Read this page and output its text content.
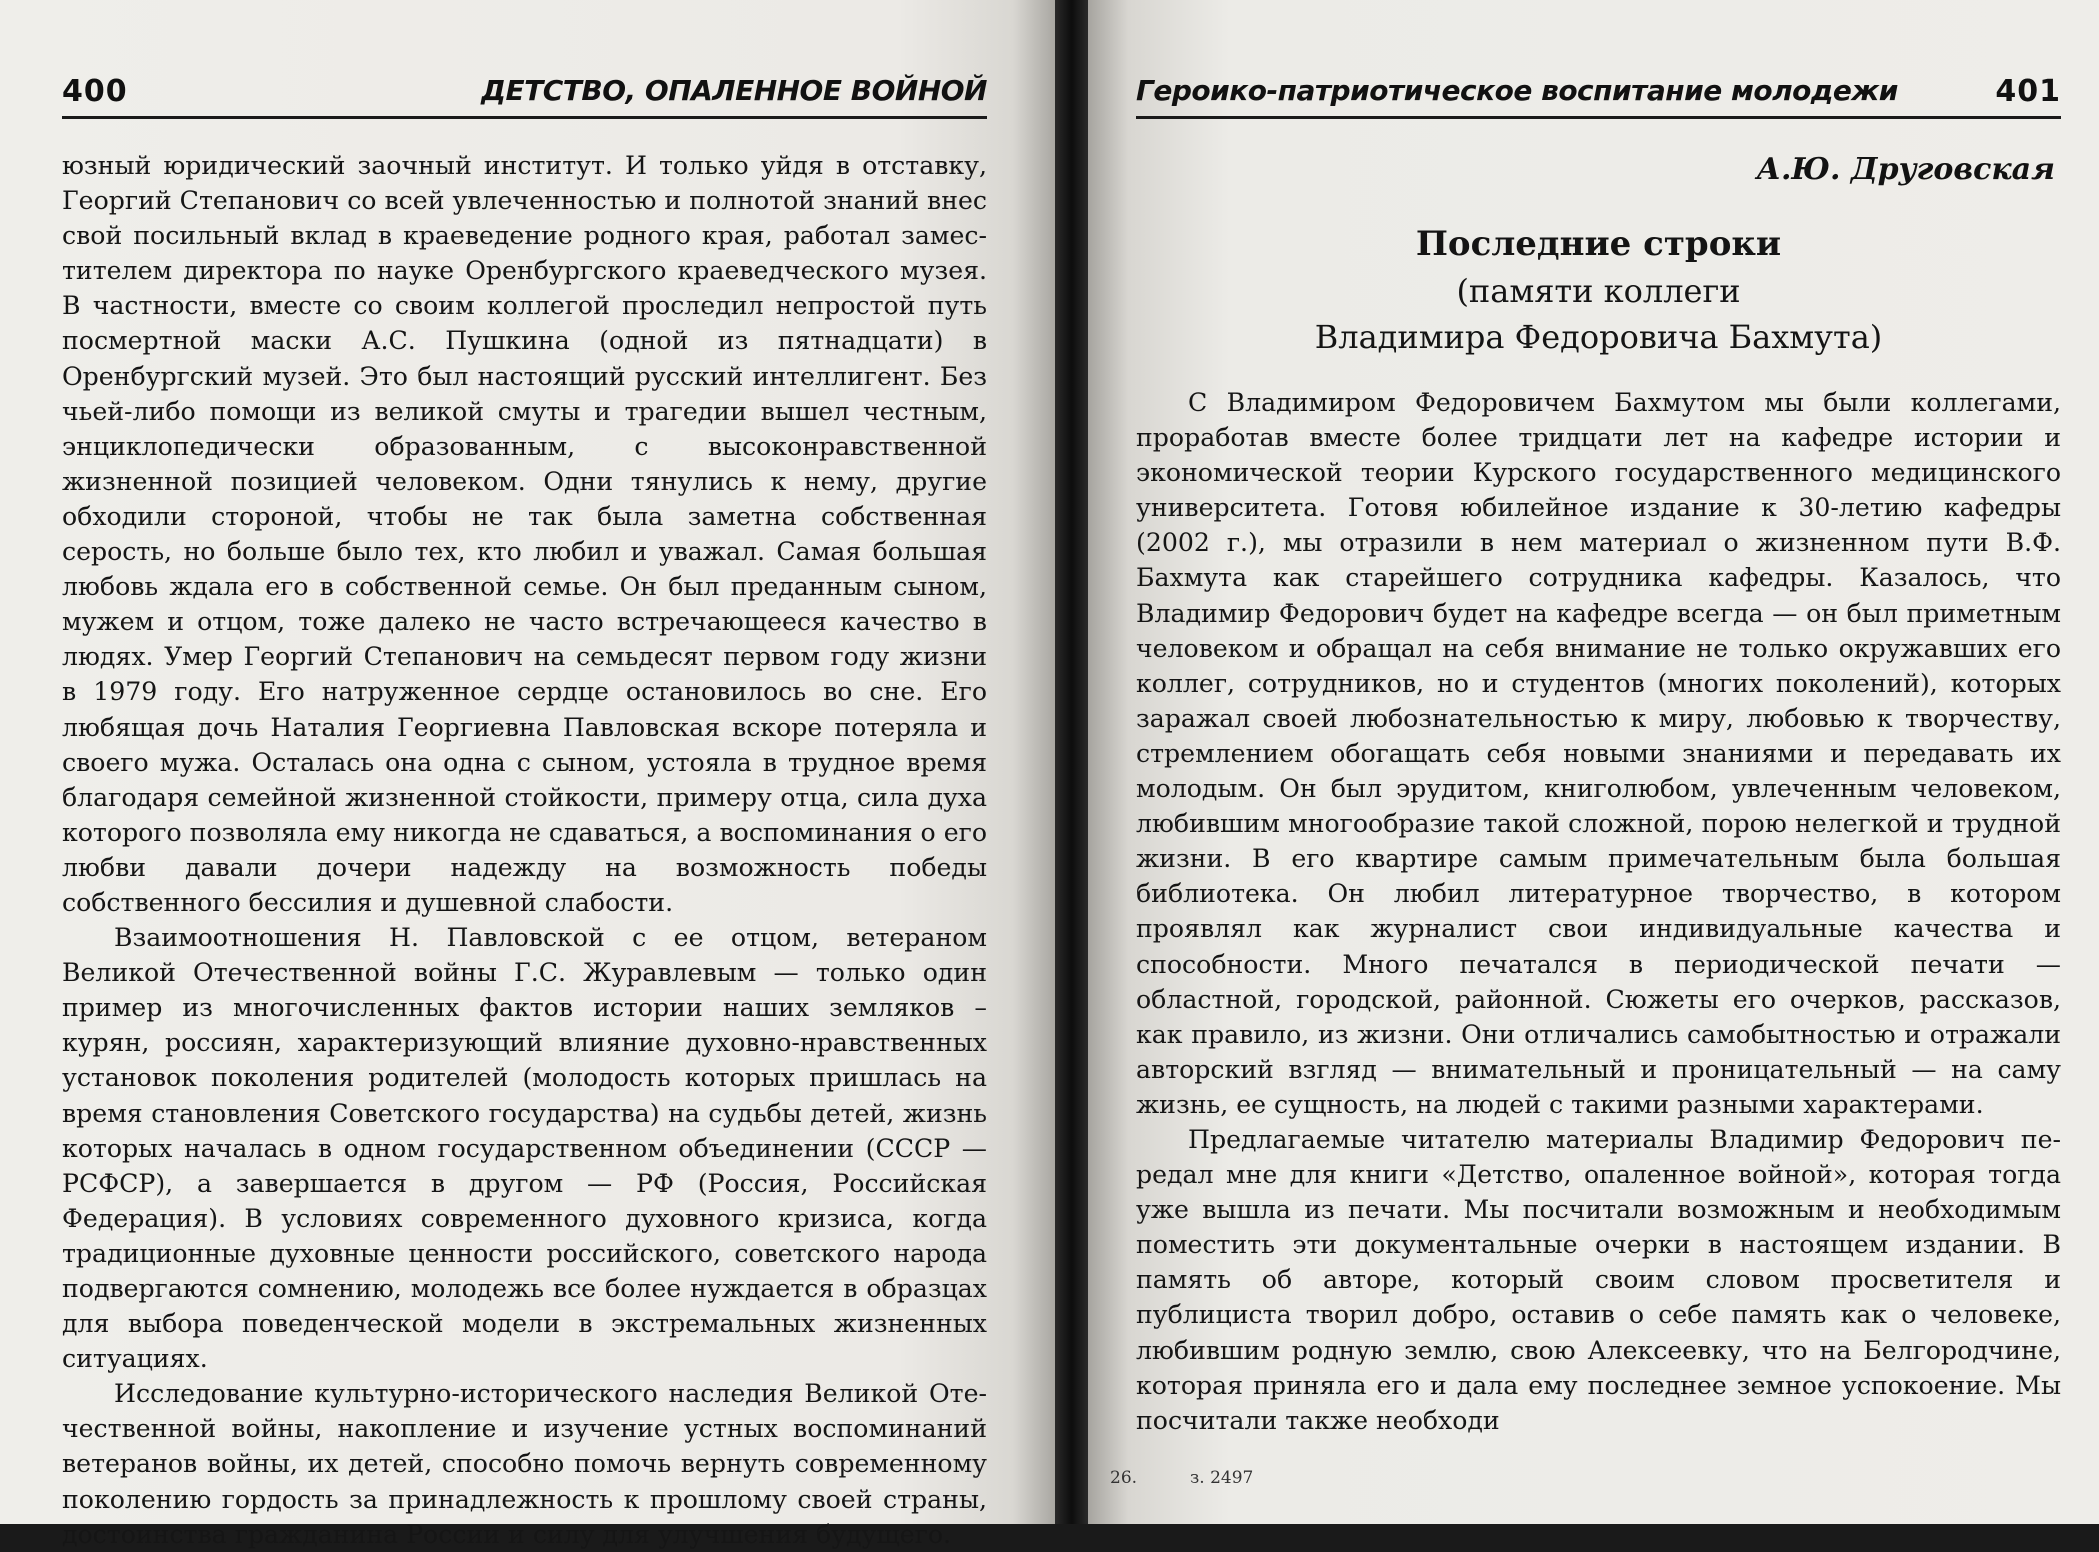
400	ДЕТСТВО, ОПАЛЕННОЕ ВОЙНОЙ

юзный юридический заочный институт. И только уйдя в отставку, Георгий Степанович со всей увлеченностью и полнотой знаний внес свой посильный вклад в краеведение родного края, работал заместителем директора по науке Оренбургского краеведческого музея. В частности, вместе со своим коллегой проследил непростой путь посмертной маски А.С. Пушкина (одной из пятнадцати) в Оренбургский музей. Это был настоящий русский интеллигент. Без чьей-либо помощи из великой смуты и трагедии вышел честным, энциклопедически образованным, с высоконравственной жизненной позицией человеком. Одни тянулись к нему, другие обходили стороной, чтобы не так была заметна собственная серость, но больше было тех, кто любил и уважал. Самая большая любовь ждала его в собственной семье. Он был преданным сыном, мужем и отцом, тоже далеко не часто встречающееся качество в людях. Умер Георгий Степанович на семьдесят первом году жизни в 1979 году. Его натруженное сердце остановилось во сне. Его любящая дочь Наталия Георгиевна Павловская вскоре потеряла и своего мужа. Осталась она одна с сыном, устояла в трудное время благодаря семейной жизненной стойкости, примеру отца, сила духа которого позволяла ему никогда не сдаваться, а воспоминания о его любви давали дочери надежду на возможность победы собственного бессилия и душевной слабости.

Взаимоотношения Н. Павловской с ее отцом, ветераном Великой Отечественной войны Г.С. Журавлевым — только один пример из многочисленных фактов истории наших земляков – курян, россиян, характеризующий влияние духовно-нравственных установок поколения родителей (молодость которых пришлась на время становления Советского государства) на судьбы детей, жизнь которых началась в одном государственном объединении (СССР — РСФСР), а завершается в другом — РФ (Россия, Российская Федерация). В условиях современного духовного кризиса, когда традиционные духовные ценности российского, советского народа подвергаются сомнению, молодежь все более нуждается в образцах для выбора поведенческой модели в экстремальных жизненных ситуациях.

Исследование культурно-исторического наследия Великой Отечественной войны, накопление и изучение устных воспоминаний ветеранов войны, их детей, способно помочь вернуть современному поколению гордость за принадлежность к прошлому своей страны, достоинства гражданина России и силу для улучшения будущего.

Героико-патриотическое воспитание молодежи	401
А.Ю. Друговская
Последние строки
(памяти коллеги
Владимира Федоровича Бахмута)

С Владимиром Федоровичем Бахмутом мы были коллегами, проработав вместе более тридцати лет на кафедре истории и экономической теории Курского государственного медицинского университета. Готовя юбилейное издание к 30-летию кафедры (2002 г.), мы отразили в нем материал о жизненном пути В.Ф. Бахмута как старейшего сотрудника кафедры. Казалось, что Владимир Федорович будет на кафедре всегда — он был приметным человеком и обращал на себя внимание не только окружавших его коллег, сотрудников, но и студентов (многих поколений), которых заражал своей любознательностью к миру, любовью к творчеству, стремлением обогащать себя новыми знаниями и передавать их молодым. Он был эрудитом, книголюбом, увлеченным человеком, любившим многообразие такой сложной, порою нелегкой и трудной жизни. В его квартире самым примечательным была большая библиотека. Он любил литературное творчество, в котором проявлял как журналист свои индивидуальные качества и способности. Много печатался в периодической печати — областной, городской, районной. Сюжеты его очерков, рассказов, как правило, из жизни. Они отличались самобытностью и отражали авторский взгляд — внимательный и проницательный — на саму жизнь, ее сущность, на людей с такими разными характерами.

Предлагаемые читателю материалы Владимир Федорович передал мне для книги «Детство, опаленное войной», которая тогда уже вышла из печати. Мы посчитали возможным и необходимым поместить эти документальные очерки в настоящем издании. В память об авторе, который своим словом просветителя и публициста творил добро, оставив о себе память как о человеке, любившим родную землю, свою Алексеевку, что на Белгородчине, которая приняла его и дала ему последнее земное успокоение. Мы посчитали также необходи

26.	з. 2497
